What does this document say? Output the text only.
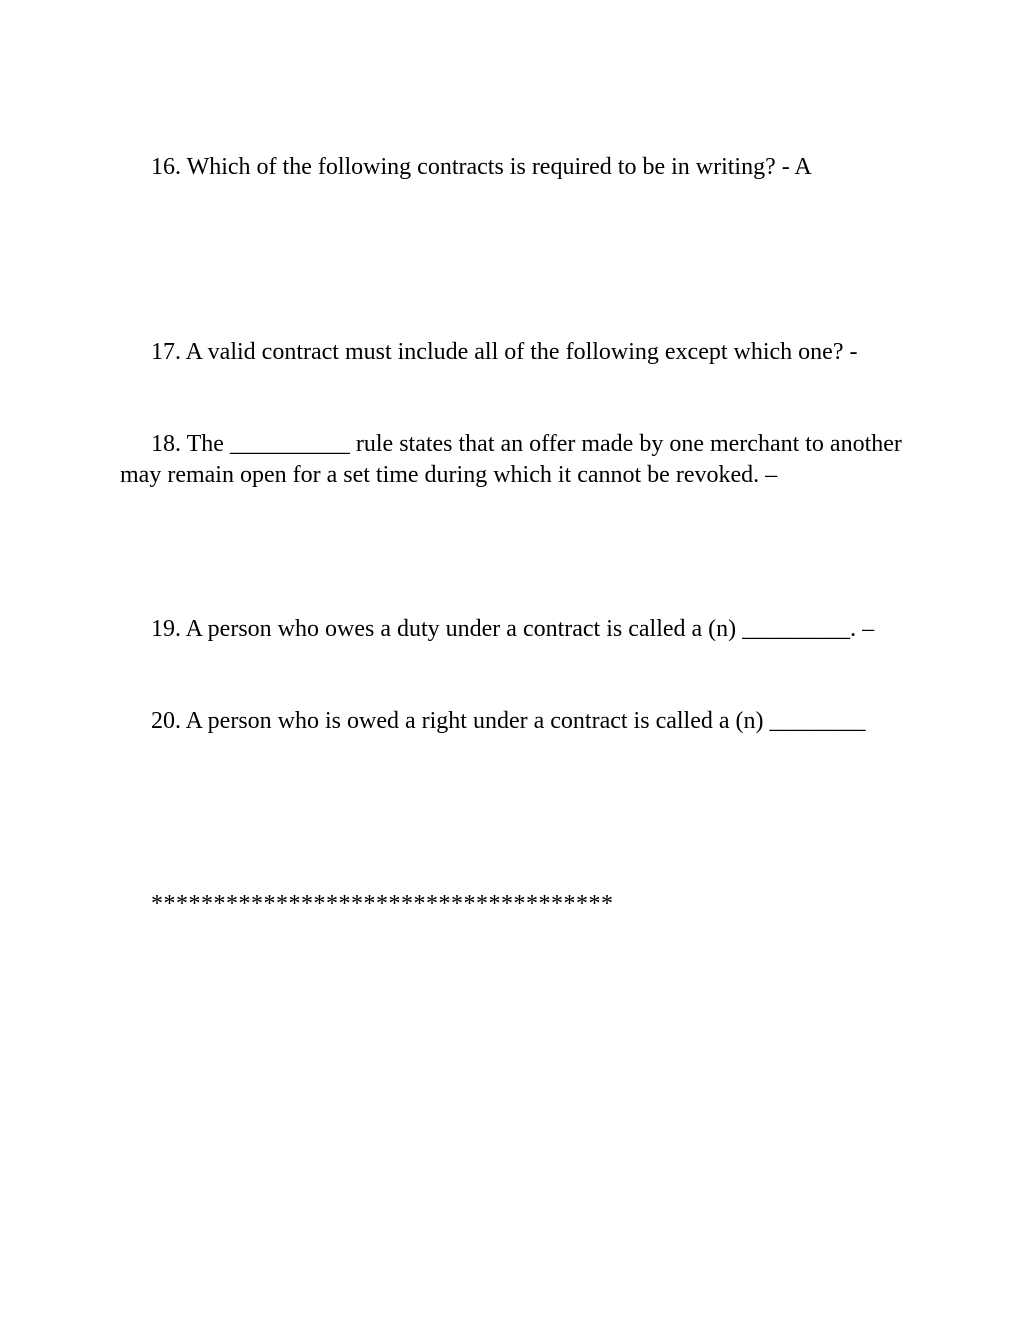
16. Which of the following contracts is required to be in writing? - A

17. A valid contract must include all of the following except which one? -

18. The __________ rule states that an offer made by one merchant to another may remain open for a set time during which it cannot be revoked. –

19. A person who owes a duty under a contract is called a (n) _________. –

20. A person who is owed a right under a contract is called a (n) ________

*************************************
